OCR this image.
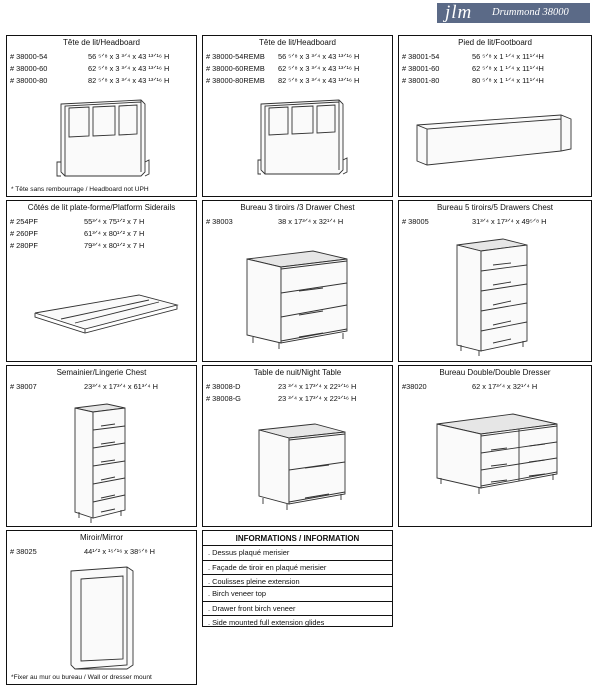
jlm Drummond 38000
Tête de lit/Headboard
# 38000-54	56 ⁵ᐟ⁸ x 3 ³ᐟ⁴ x 43 ¹³ᐟ¹⁶ H
# 38000-60	62 ⁵ᐟ⁸ x 3 ³ᐟ⁴ x 43 ¹³ᐟ¹⁶ H
# 38000-80	82 ⁵ᐟ⁸ x 3 ³ᐟ⁴ x 43 ¹³ᐟ¹⁶ H
* Tête sans rembourrage / Headboard not UPH
Tête de lit/Headboard
# 38000-54REMB 56 ⁵ᐟ⁸ x 3 ³ᐟ⁴ x 43 ¹³ᐟ¹⁶ H
# 38000-60REMB 62 ⁵ᐟ⁸ x 3 ³ᐟ⁴ x 43 ¹³ᐟ¹⁶ H
# 38000-80REMB 82 ⁵ᐟ⁸ x 3 ³ᐟ⁴ x 43 ¹³ᐟ¹⁶ H
Pied de lit/Footboard
# 38001-54	56 ⁵ᐟ⁸ x 1 ¹ᐟ⁴ x 11¹ᐟ⁴H
# 38001-60	62 ⁵ᐟ⁸ x 1 ¹ᐟ⁴ x 11¹ᐟ⁴H
# 38001-80	80 ⁵ᐟ⁸ x 1 ¹ᐟ⁴ x 11¹ᐟ⁴H
Côtés de lit plate-forme/Platform Siderails
# 254PF	55³ᐟ⁴ x 75¹ᐟ² x 7 H
# 260PF	61³ᐟ⁴ x 80¹ᐟ² x 7 H
# 280PF	79³ᐟ⁴ x 80¹ᐟ² x 7 H
Bureau 3 tiroirs /3 Drawer Chest
# 38003	38 x 17³ᐟ⁴ x 32¹ᐟ⁴ H
Bureau 5 tiroirs/5 Drawers Chest
# 38005	31³ᐟ⁴ x 17³ᐟ⁴ x 49⁵ᐟ⁸ H
Semainier/Lingerie Chest
# 38007	23³ᐟ⁴ x 17³ᐟ⁴ x 61³ᐟ⁴ H
Table de nuit/Night Table
# 38008-D	23 ³ᐟ⁴ x 17³ᐟ⁴ x 22¹ᐟ¹⁶ H
# 38008-G	23 ³ᐟ⁴ x 17³ᐟ⁴ x 22¹ᐟ¹⁶ H
Bureau Double/Double Dresser
#38020	62 x 17³ᐟ⁴ x 32¹ᐟ⁴ H
Miroir/Mirror
# 38025	44¹ᐟ² x ¹⁵ᐟ¹⁶ x 38⁵ᐟ⁸ H
*Fixer au mur ou bureau / Wall or dresser mount
INFORMATIONS / INFORMATION
. Dessus plaqué merisier
. Façade de tiroir en plaqué merisier
. Coulisses pleine extension
. Birch veneer top
. Drawer front birch veneer
. Side mounted full extension glides
